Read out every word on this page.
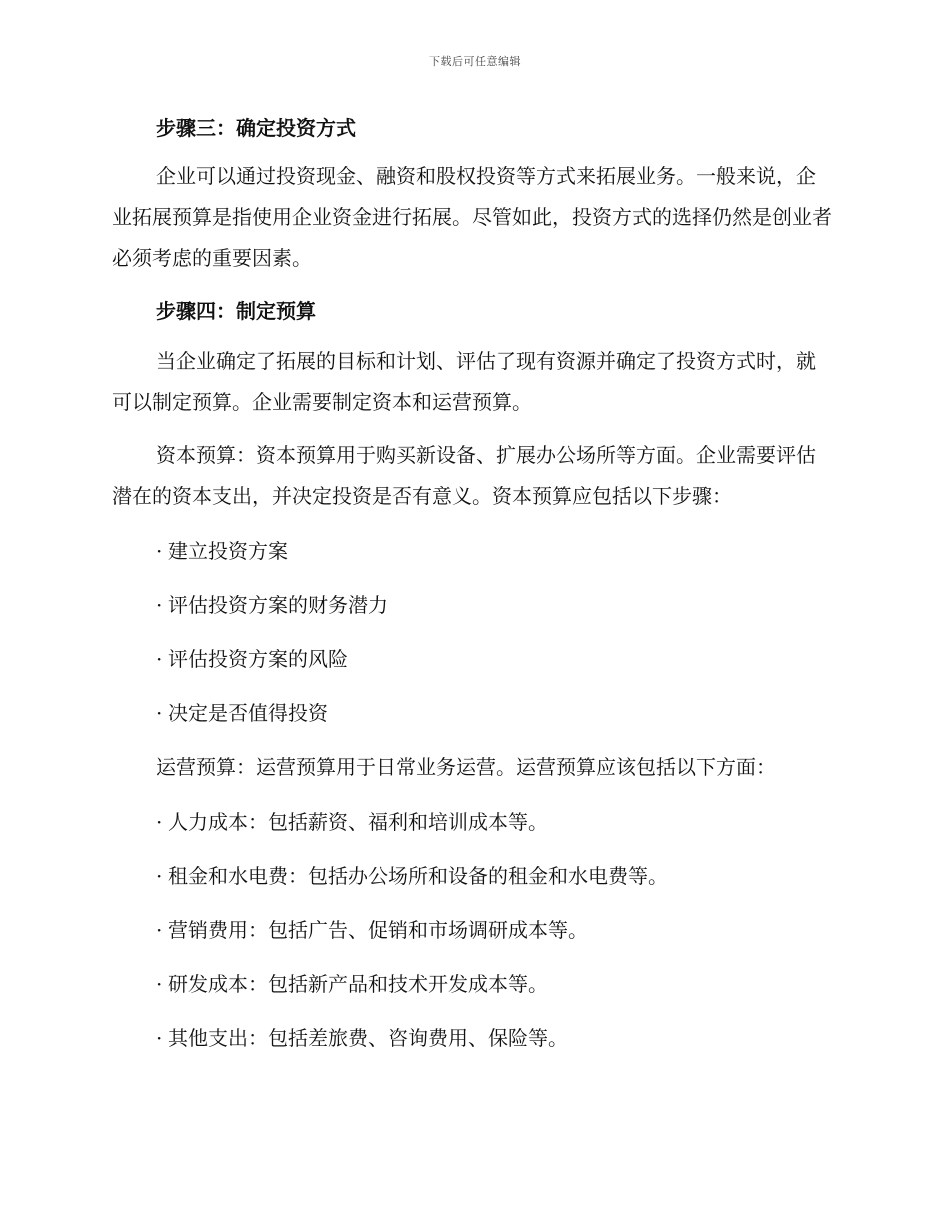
下载后可任意编辑
步骤三：确定投资方式
企业可以通过投资现金、融资和股权投资等方式来拓展业务。一般来说，企业拓展预算是指使用企业资金进行拓展。尽管如此，投资方式的选择仍然是创业者必须考虑的重要因素。
步骤四：制定预算
当企业确定了拓展的目标和计划、评估了现有资源并确定了投资方式时，就可以制定预算。企业需要制定资本和运营预算。
资本预算：资本预算用于购买新设备、扩展办公场所等方面。企业需要评估潜在的资本支出，并决定投资是否有意义。资本预算应包括以下步骤：
· 建立投资方案
· 评估投资方案的财务潜力
· 评估投资方案的风险
· 决定是否值得投资
运营预算：运营预算用于日常业务运营。运营预算应该包括以下方面：
· 人力成本：包括薪资、福利和培训成本等。
· 租金和水电费：包括办公场所和设备的租金和水电费等。
· 营销费用：包括广告、促销和市场调研成本等。
· 研发成本：包括新产品和技术开发成本等。
· 其他支出：包括差旅费、咨询费用、保险等。
